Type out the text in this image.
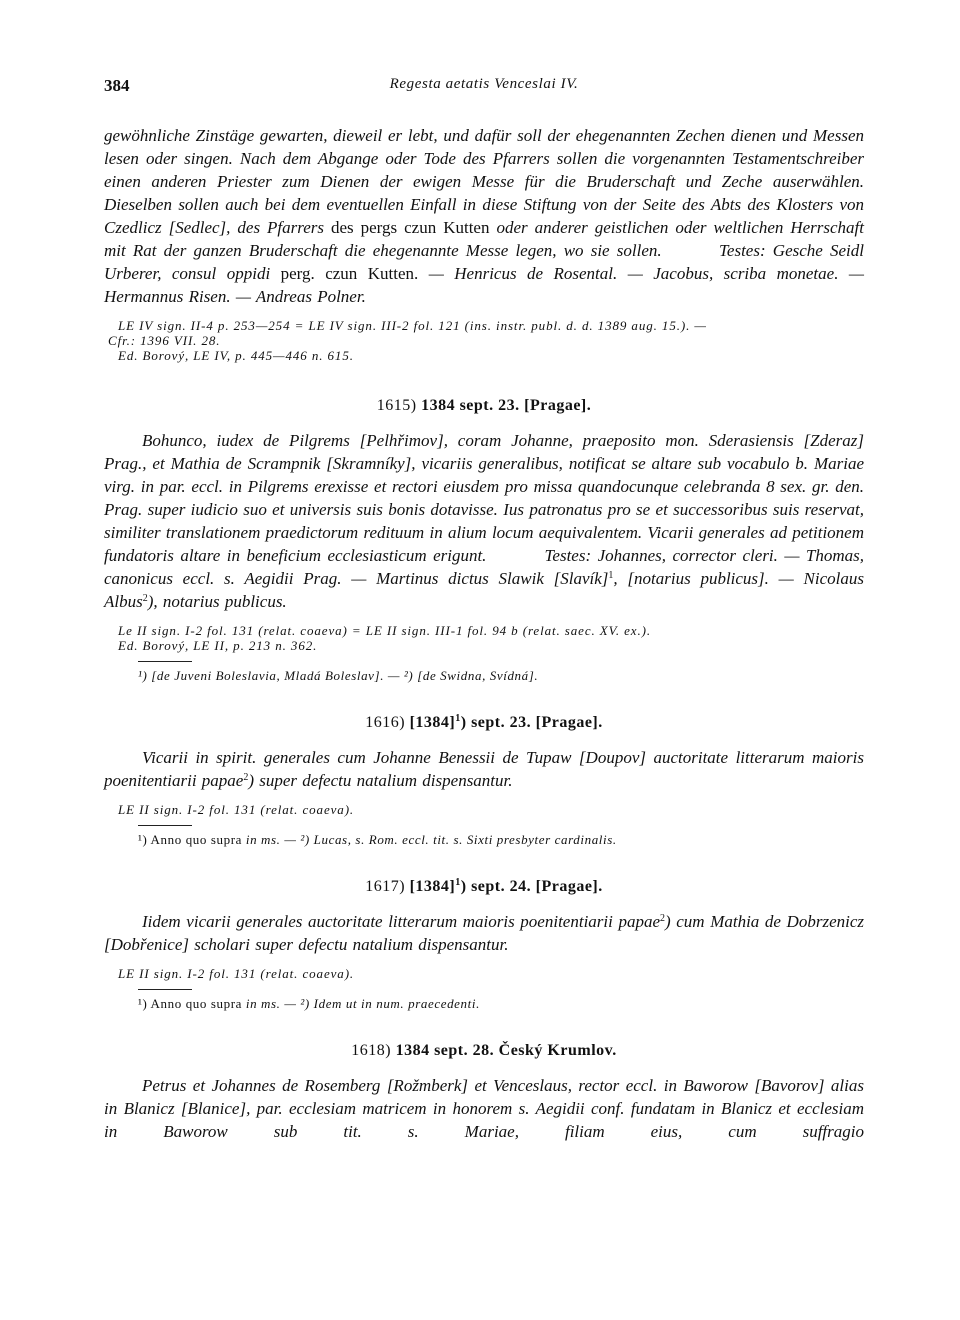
384	Regesta aetatis Venceslai IV.

gewöhnliche Zinstäge gewarten, dieweil er lebt, und dafür soll der ehegenannten Zechen dienen und Messen lesen oder singen. Nach dem Abgange oder Tode des Pfarrers sollen die vorgenannten Testamentschreiber einen anderen Priester zum Dienen der ewigen Messe für die Bruderschaft und Zeche auserwählen. Dieselben sollen auch bei dem eventuellen Einfall in diese Stiftung von der Seite des Abts des Klosters von Czedlicz [Sedlec], des Pfarrers des pergs czun Kutten oder anderer geistlichen oder weltlichen Herrschaft mit Rat der ganzen Bruderschaft die ehegenannte Messe legen, wo sie sollen.	Testes: Gesche Seidl Urberer, consul oppidi perg. czun Kutten. — Henricus de Rosental. — Jacobus, scriba monetae. — Hermannus Risen. — Andreas Polner.

LE IV sign. II-4 p. 253—254 = LE IV sign. III-2 fol. 121 (ins. instr. publ. d. d. 1389 aug. 15.). —
Cfr.: 1396 VII. 28.
Ed. Borový, LE IV, p. 445—446 n. 615.
1615) 1384 sept. 23. [Pragae].

Bohunco, iudex de Pilgrems [Pelhřimov], coram Johanne, praeposito mon. Sderasiensis [Zderaz] Prag., et Mathia de Scrampnik [Skramníky], vicariis generalibus, notificat se altare sub vocabulo b. Mariae virg. in par. eccl. in Pilgrems erexisse et rectori eiusdem pro missa quandocunque celebranda 8 sex. gr. den. Prag. super iudicio suo et universis suis bonis dotavisse. Ius patronatus pro se et successoribus suis reservat, similiter translationem praedictorum redituum in alium locum aequivalentem. Vicarii generales ad petitionem fundatoris altare in beneficium ecclesiasticum erigunt.	Testes: Johannes, corrector cleri. — Thomas, canonicus eccl. s. Aegidii Prag. — Martinus dictus Slawik [Slavík]$^1$, [notarius publicus]. — Nicolaus Albus$^2$), notarius publicus.

Le II sign. I-2 fol. 131 (relat. coaeva) = LE II sign. III-1 fol. 94 b (relat. saec. XV. ex.).
Ed. Borový, LE II, p. 213 n. 362.
¹) [de Juveni Boleslavia, Mladá Boleslav]. — ²) [de Swidna, Svídná].
1616) $[1384]^1$) sept. 23. [Pragae].

Vicarii in spirit. generales cum Johanne Benessii de Tupaw [Doupov] auctoritate litterarum maioris poenitentiarii papae$^2$) super defectu natalium dispensantur.

LE II sign. I-2 fol. 131 (relat. coaeva).
¹) Anno quo supra in ms. — ²) Lucas, s. Rom. eccl. tit. s. Sixti presbyter cardinalis.
1617) $[1384]^1$) sept. 24. [Pragae].

Iidem vicarii generales auctoritate litterarum maioris poenitentiarii papae$^2$) cum Mathia de Dobrzenicz [Dobřenice] scholari super defectu natalium dispensantur.

LE II sign. I-2 fol. 131 (relat. coaeva).
¹) Anno quo supra in ms. — ²) Idem ut in num. praecedenti.
1618) 1384 sept. 28. Český Krumlov.

Petrus et Johannes de Rosemberg [Rožmberk] et Venceslaus, rector eccl. in Baworow [Bavorov] alias in Blanicz [Blanice], par. ecclesiam matricem in honorem s. Aegidii conf. fundatam in Blanicz et ecclesiam in Baworow sub tit. s. Mariae, filiam eius, cum suffragio
